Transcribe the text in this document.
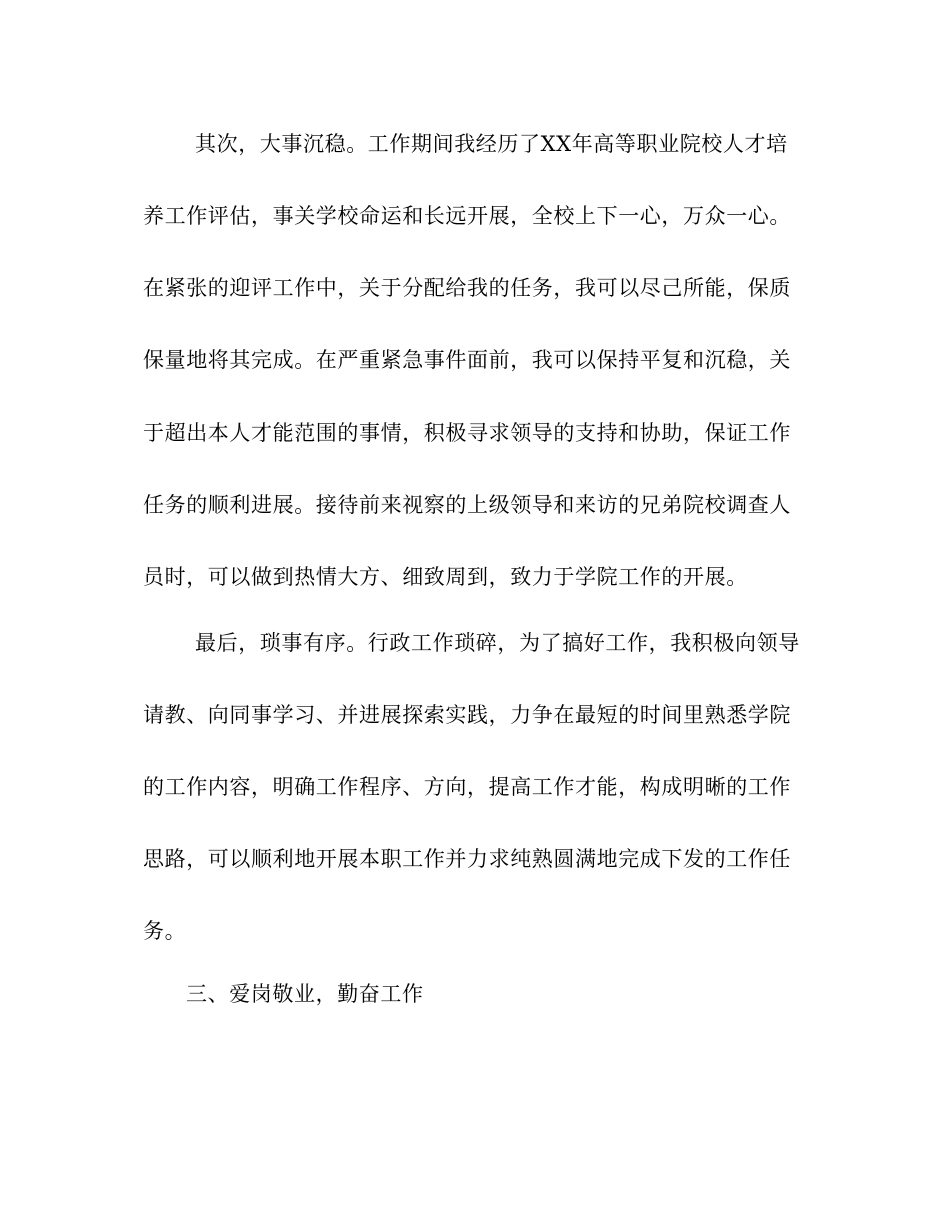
其次，大事沉稳。工作期间我经历了XX年高等职业院校人才培
养工作评估，事关学校命运和长远开展，全校上下一心，万众一心。
在紧张的迎评工作中，关于分配给我的任务，我可以尽己所能，保质
保量地将其完成。在严重紧急事件面前，我可以保持平复和沉稳，关
于超出本人才能范围的事情，积极寻求领导的支持和协助，保证工作
任务的顺利进展。接待前来视察的上级领导和来访的兄弟院校调查人
员时，可以做到热情大方、细致周到，致力于学院工作的开展。
最后，琐事有序。行政工作琐碎，为了搞好工作，我积极向领导
请教、向同事学习、并进展探索实践，力争在最短的时间里熟悉学院
的工作内容，明确工作程序、方向，提高工作才能，构成明晰的工作
思路，可以顺利地开展本职工作并力求纯熟圆满地完成下发的工作任
务。
三、爱岗敬业，勤奋工作
